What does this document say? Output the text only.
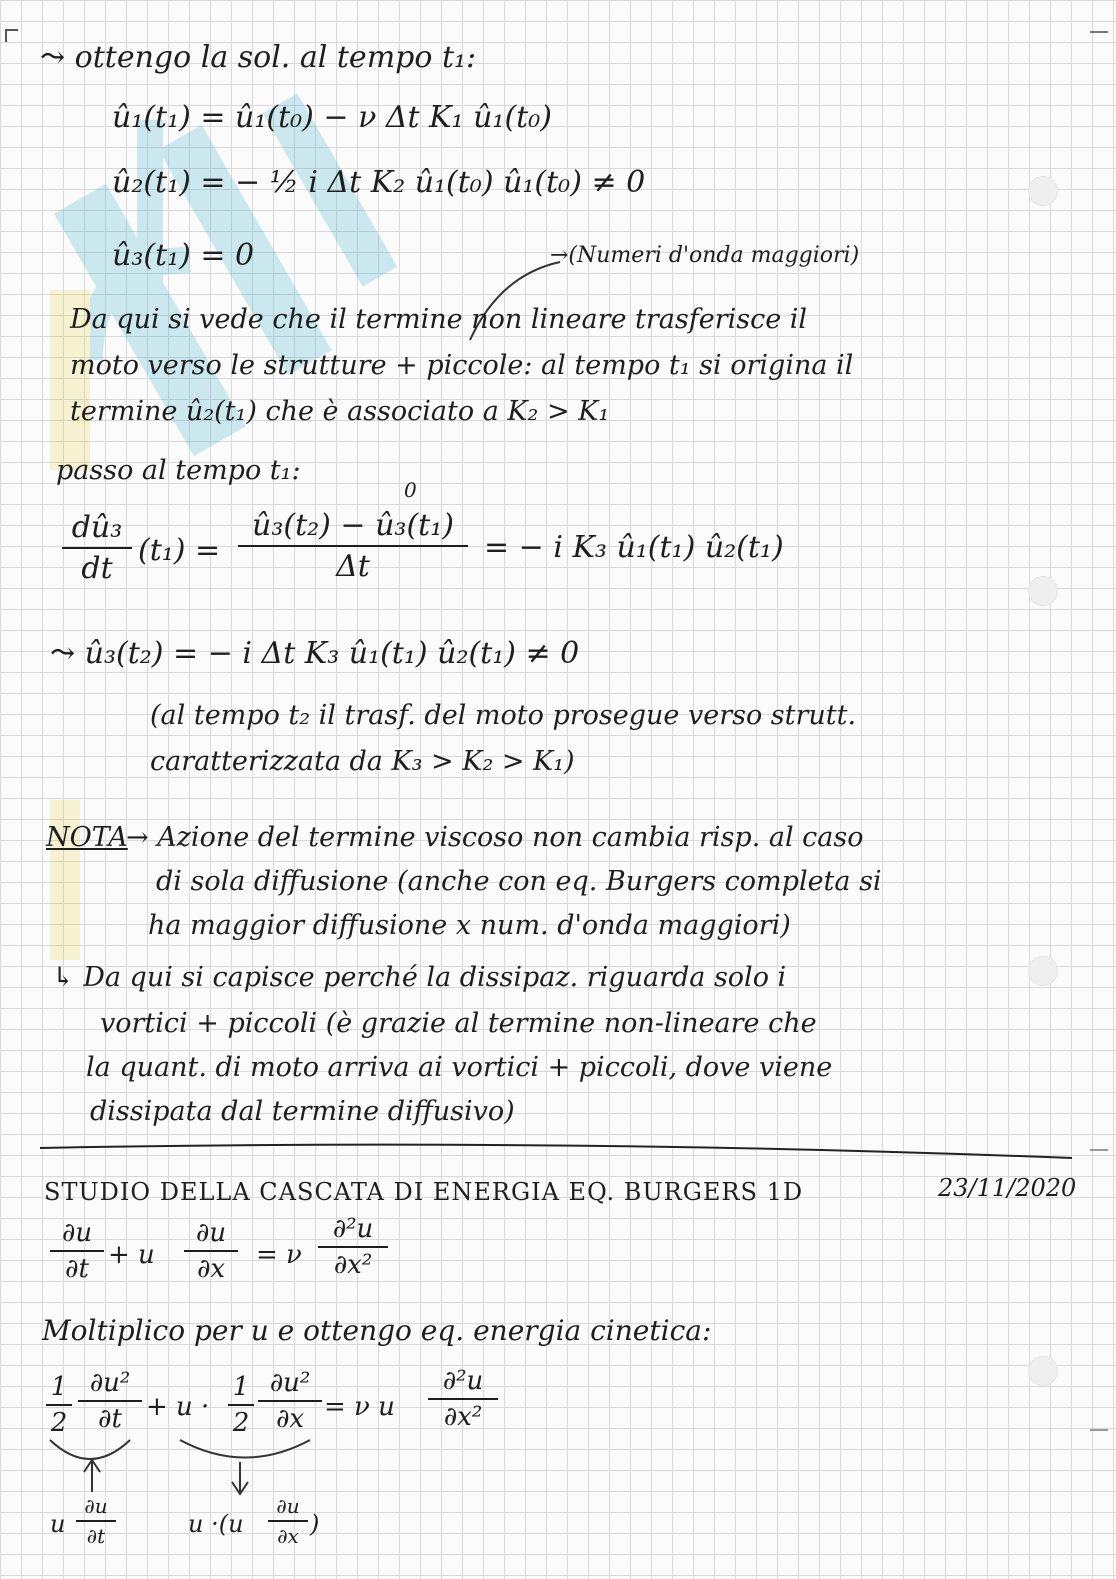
⤳ ottengo la sol. al tempo t₁:
û₁(t₁) = û₁(t₀) − ν Δt K₁ û₁(t₀)
û₂(t₁) = − ½ i Δt K₂ û₁(t₀) û₁(t₀) ≠ 0
û₃(t₁) = 0	→(Numeri d'onda maggiori)
Da qui si vede che il termine non lineare trasferisce il
moto verso le strutture + piccole: al tempo t₁ si origina il
termine û₂(t₁) che è associato a K₂ > K₁
passo al tempo t₁:
dû₃
dt
(t₁) =
0
û₃(t₂) − û₃(t₁)
Δt
= − i K₃ û₁(t₁) û₂(t₁)
⤳ û₃(t₂) = − i Δt K₃ û₁(t₁) û₂(t₁) ≠ 0
(al tempo t₂ il trasf. del moto prosegue verso strutt.
caratterizzata da K₃ > K₂ > K₁)
NOTA
→ Azione del termine viscoso non cambia risp. al caso
di sola diffusione (anche con eq. Burgers completa si
ha maggior diffusione x num. d'onda maggiori)
↳ Da qui si capisce perché la dissipaz. riguarda solo i
vortici + piccoli (è grazie al termine non-lineare che
la quant. di moto arriva ai vortici + piccoli, dove viene
dissipata dal termine diffusivo)
STUDIO DELLA CASCATA DI ENERGIA EQ. BURGERS 1D	23/11/2020
∂u
∂t + u
∂u
∂x	= ν
∂²u
∂x²
Moltiplico per u e ottengo eq. energia cinetica:
1
2
∂u²
∂t + u ·
1
2
∂u²
∂x = ν u
∂²u
∂x²
u
∂u
∂t	u ·(u
∂u
∂x )
